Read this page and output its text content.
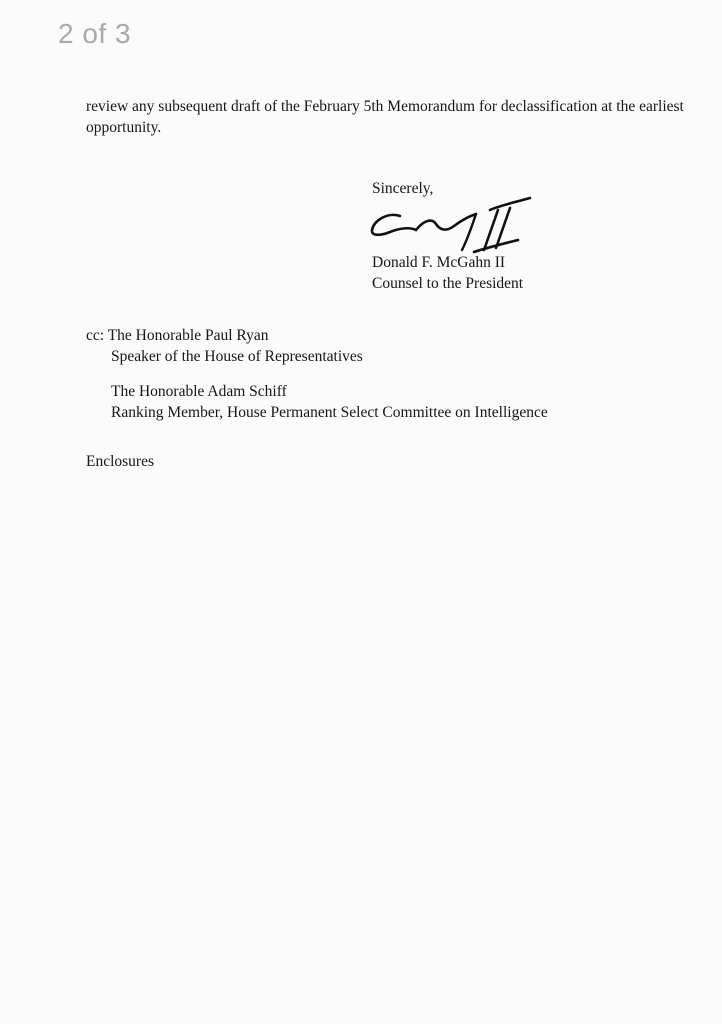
2 of 3
review any subsequent draft of the February 5th Memorandum for declassification at the earliest opportunity.
Sincerely,
Donald F. McGahn II
Counsel to the President
cc: The Honorable Paul Ryan
Speaker of the House of Representatives
The Honorable Adam Schiff
Ranking Member, House Permanent Select Committee on Intelligence
Enclosures
